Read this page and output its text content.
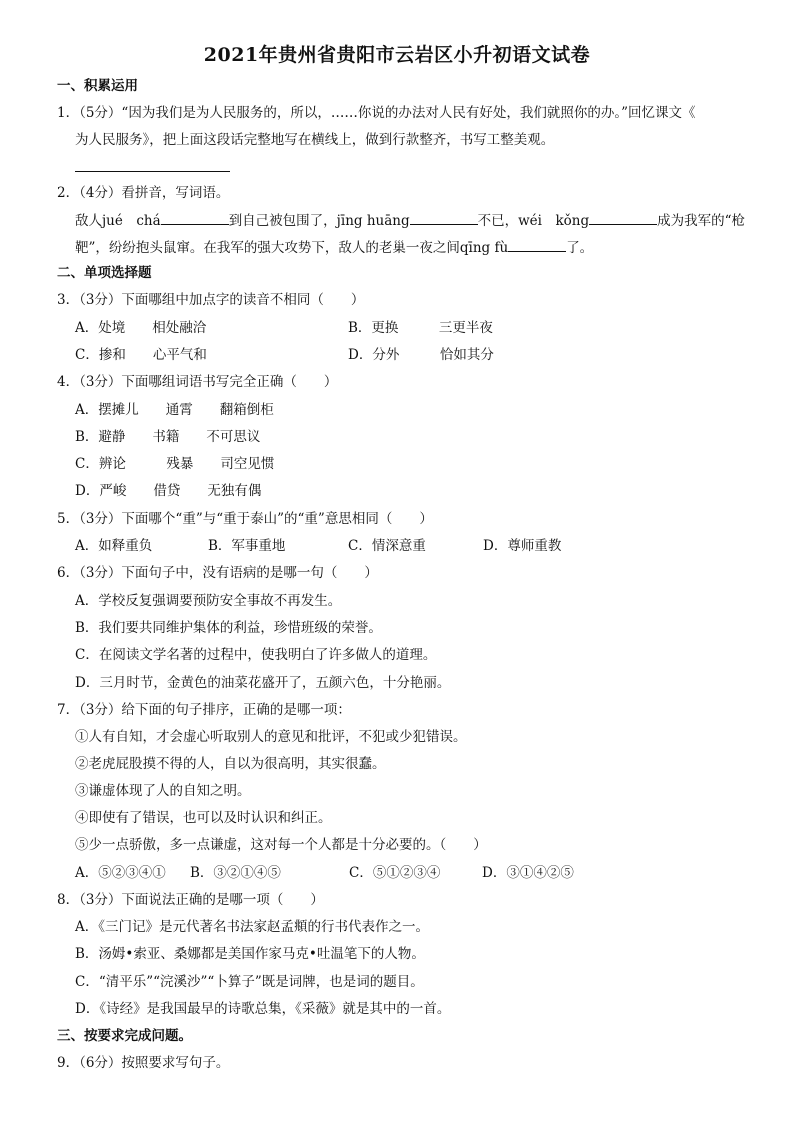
2021年贵州省贵阳市云岩区小升初语文试卷
一、积累运用
1．（5分）“因为我们是为人民服务的，所以，……你说的办法对人民有好处，我们就照你的办。”回忆课文《
为人民服务》，把上面这段话完整地写在横线上，做到行款整齐，书写工整美观。
2．（4分）看拼音，写词语。
敌人jué　chá	到自己被包围了，jīng huāng	不已，wéi　kǒng	成为我军的“枪
靶”，纷纷抱头鼠窜。在我军的强大攻势下，敌人的老巢一夜之间qīng fù	了。
二、单项选择题
3．（3分）下面哪组中加点字的读音不相同（　　）
A．处境　　相处融洽	B．更换　　　三更半夜
C．掺和　　心平气和	D．分外　　　恰如其分
4．（3分）下面哪组词语书写完全正确（　　）
A．摆摊儿　　通霄　　翻箱倒柜
B．避静　　书籍　　不可思议
C．辨论　　　残暴　　司空见惯
D．严峻　　借贷　　无独有偶
5．（3分）下面哪个“重”与“重于泰山”的“重”意思相同（　　）
A．如释重负	B．军事重地	C．情深意重	D．尊师重教
6．（3分）下面句子中，没有语病的是哪一句（　　）
A．学校反复强调要预防安全事故不再发生。
B．我们要共同维护集体的利益，珍惜班级的荣誉。
C．在阅读文学名著的过程中，使我明白了许多做人的道理。
D．三月时节，金黄色的油菜花盛开了，五颜六色，十分艳丽。
7．（3分）给下面的句子排序，正确的是哪一项：
①人有自知，才会虚心听取别人的意见和批评，不犯或少犯错误。
②老虎屁股摸不得的人，自以为很高明，其实很蠢。
③谦虚体现了人的自知之明。
④即使有了错误，也可以及时认识和纠正。
⑤少一点骄傲，多一点谦虚，这对每一个人都是十分必要的。（　　）
A．⑤②③④① B．③②①④⑤	C．⑤①②③④	D．③①④②⑤
8．（3分）下面说法正确的是哪一项（　　）
A．《三门记》是元代著名书法家赵孟頫的行书代表作之一。
B．汤姆•索亚、桑娜都是美国作家马克•吐温笔下的人物。
C．“清平乐”“浣溪沙”“卜算子”既是词牌，也是词的题目。
D．《诗经》是我国最早的诗歌总集，《采薇》就是其中的一首。
三、按要求完成问题。
9．（6分）按照要求写句子。
